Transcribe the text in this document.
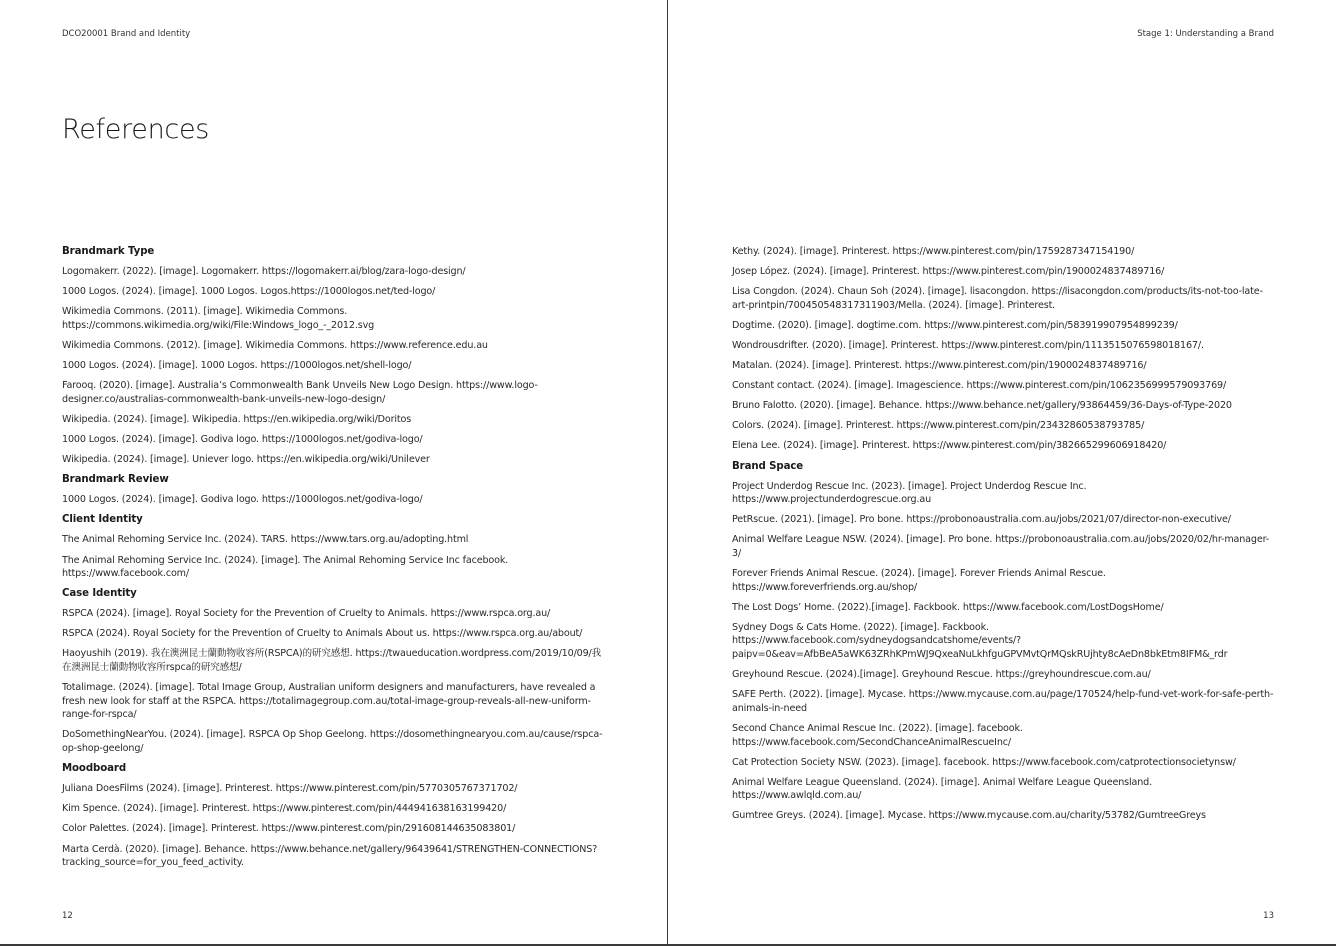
DCO20001 Brand and Identity
References
Brandmark Type
Logomakerr. (2022). [image]. Logomakerr. https://logomakerr.ai/blog/zara-logo-design/
1000 Logos. (2024). [image]. 1000 Logos. Logos.https://1000logos.net/ted-logo/
Wikimedia Commons. (2011). [image]. Wikimedia Commons. https://commons.wikimedia.org/wiki/File:Windows_logo_-_2012.svg
Wikimedia Commons. (2012). [image]. Wikimedia Commons. https://www.reference.edu.au
1000 Logos. (2024). [image]. 1000 Logos. https://1000logos.net/shell-logo/
Farooq. (2020). [image]. Australia’s Commonwealth Bank Unveils New Logo Design. https://www.logo-designer.co/australias-commonwealth-bank-unveils-new-logo-design/
Wikipedia. (2024). [image]. Wikipedia. https://en.wikipedia.org/wiki/Doritos
1000 Logos. (2024). [image]. Godiva logo. https://1000logos.net/godiva-logo/
Wikipedia. (2024). [image]. Uniever logo. https://en.wikipedia.org/wiki/Unilever
Brandmark Review
1000 Logos. (2024). [image]. Godiva logo. https://1000logos.net/godiva-logo/
Client Identity
The Animal Rehoming Service Inc. (2024). TARS. https://www.tars.org.au/adopting.html
The Animal Rehoming Service Inc. (2024). [image]. The Animal Rehoming Service Inc facebook. https://www.facebook.com/
Case Identity
RSPCA (2024). [image]. Royal Society for the Prevention of Cruelty to Animals. https://www.rspca.org.au/
RSPCA (2024). Royal Society for the Prevention of Cruelty to Animals About us. https://www.rspca.org.au/about/
Haoyushih (2019). 我在澳洲昆士蘭動物收容所(RSPCA)的研究感想. https://twaueducation.wordpress.com/2019/10/09/我在澳洲昆士蘭動物收容所rspca的研究感想/
Totalimage. (2024). [image]. Total Image Group, Australian uniform designers and manufacturers, have revealed a fresh new look for staff at the RSPCA. https://totalimagegroup.com.au/total-image-group-reveals-all-new-uniform-range-for-rspca/
DoSomethingNearYou. (2024). [image]. RSPCA Op Shop Geelong. https://dosomethingnearyou.com.au/cause/rspca-op-shop-geelong/
Moodboard
Juliana DoesFilms (2024). [image]. Printerest. https://www.pinterest.com/pin/5770305767371702/
Kim Spence. (2024). [image]. Printerest. https://www.pinterest.com/pin/444941638163199420/
Color Palettes. (2024). [image]. Printerest. https://www.pinterest.com/pin/291608144635083801/
Marta Cerdà. (2020). [image]. Behance. https://www.behance.net/gallery/96439641/STRENGTHEN-CONNECTIONS?tracking_source=for_you_feed_activity.
12
Stage 1: Understanding a Brand
Kethy. (2024). [image]. Printerest. https://www.pinterest.com/pin/1759287347154190/
Josep López. (2024). [image]. Printerest. https://www.pinterest.com/pin/1900024837489716/
Lisa Congdon. (2024). Chaun Soh (2024). [image]. lisacongdon. https://lisacongdon.com/products/its-not-too-late-art-printpin/700450548317311903/Mella. (2024). [image]. Printerest.
Dogtime. (2020). [image]. dogtime.com. https://www.pinterest.com/pin/583919907954899239/
Wondrousdrifter. (2020). [image]. Printerest. https://www.pinterest.com/pin/1113515076598018167/.
Matalan. (2024). [image]. Printerest. https://www.pinterest.com/pin/1900024837489716/
Constant contact. (2024). [image]. Imagescience. https://www.pinterest.com/pin/1062356999579093769/
Bruno Falotto. (2020). [image]. Behance. https://www.behance.net/gallery/93864459/36-Days-of-Type-2020
Colors. (2024). [image]. Printerest. https://www.pinterest.com/pin/23432860538793785/
Elena Lee. (2024). [image]. Printerest. https://www.pinterest.com/pin/382665299606918420/
Brand Space
Project Underdog Rescue Inc. (2023). [image]. Project Underdog Rescue Inc. https://www.projectunderdogrescue.org.au
PetRscue. (2021). [image]. Pro bone. https://probonoaustralia.com.au/jobs/2021/07/director-non-executive/
Animal Welfare League NSW. (2024). [image]. Pro bone. https://probonoaustralia.com.au/jobs/2020/02/hr-manager-3/
Forever Friends Animal Rescue. (2024). [image]. Forever Friends Animal Rescue. https://www.foreverfriends.org.au/shop/
The Lost Dogs’ Home. (2022).[image]. Fackbook. https://www.facebook.com/LostDogsHome/
Sydney Dogs & Cats Home. (2022). [image]. Fackbook. https://www.facebook.com/sydneydogsandcatshome/events/?paipv=0&eav=AfbBeA5aWK63ZRhKPmWJ9QxeaNuLkhfguGPVMvtQrMQskRUjhty8cAeDn8bkEtm8IFM&_rdr
Greyhound Rescue. (2024).[image]. Greyhound Rescue. https://greyhoundrescue.com.au/
SAFE Perth. (2022). [image]. Mycase. https://www.mycause.com.au/page/170524/help-fund-vet-work-for-safe-perth-animals-in-need
Second Chance Animal Rescue Inc. (2022). [image]. facebook. https://www.facebook.com/SecondChanceAnimalRescueInc/
Cat Protection Society NSW. (2023). [image]. facebook. https://www.facebook.com/catprotectionsocietynsw/
Animal Welfare League Queensland. (2024). [image]. Animal Welfare League Queensland. https://www.awlqld.com.au/
Gumtree Greys. (2024). [image]. Mycase. https://www.mycause.com.au/charity/53782/GumtreeGreys
13
